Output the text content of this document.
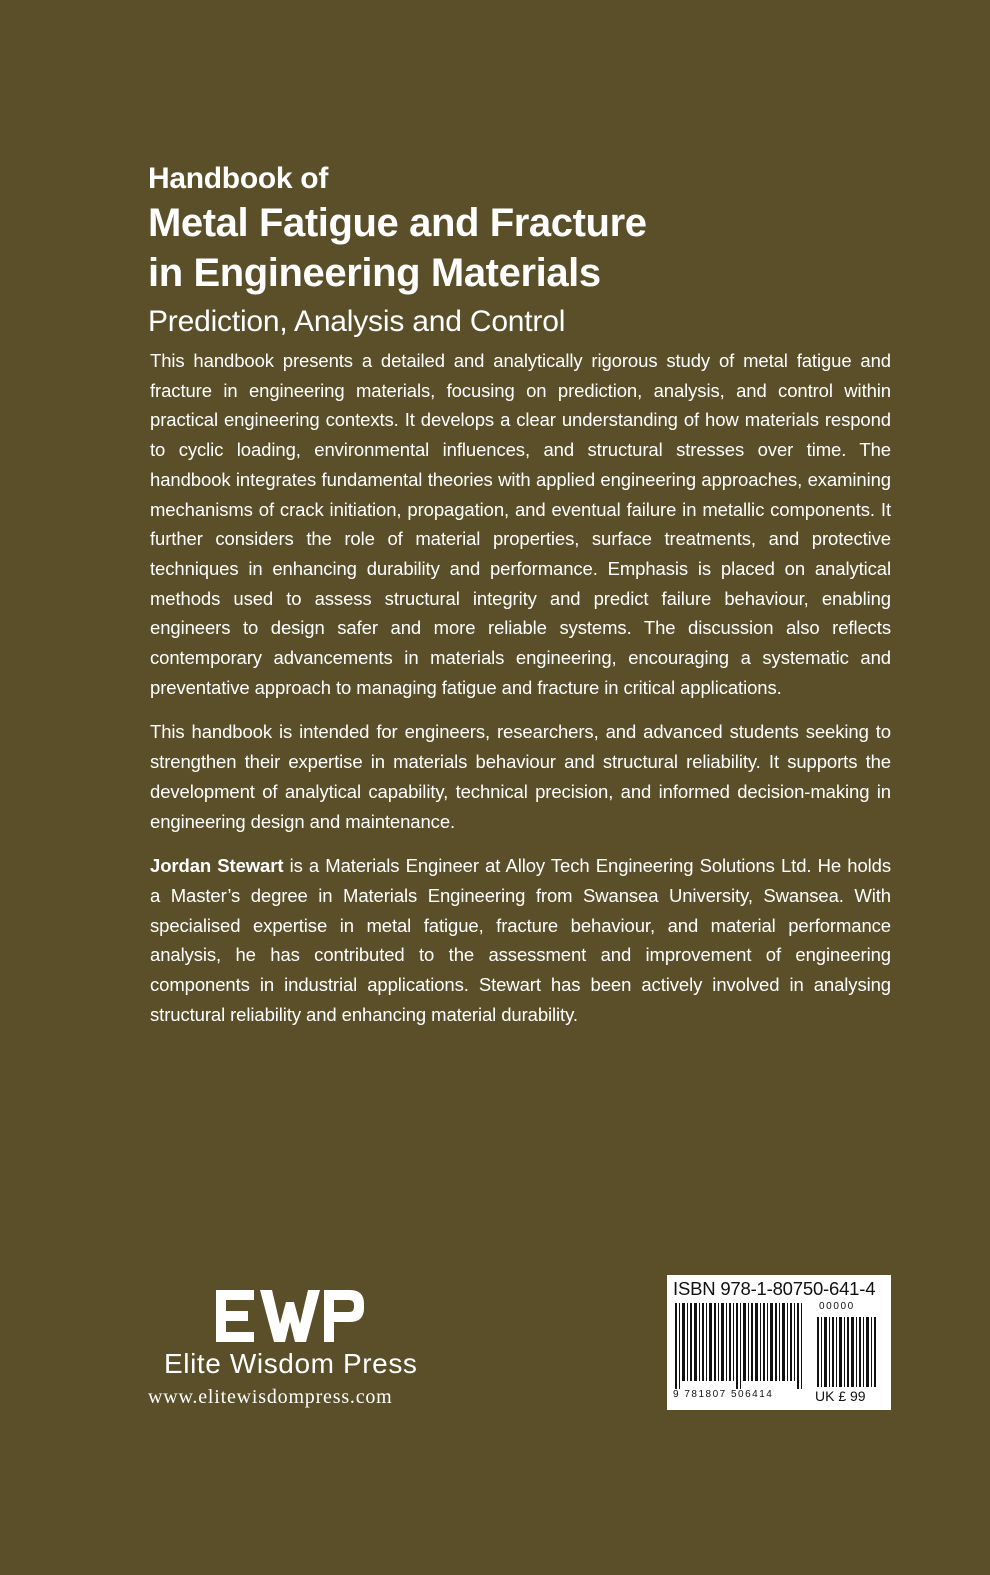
Handbook of
Metal Fatigue and Fracture
in Engineering Materials
Prediction, Analysis and Control

This handbook presents a detailed and analytically rigorous study of metal fatigue and fracture in engineering materials, focusing on prediction, analysis, and control within practical engineering contexts. It develops a clear understanding of how materials respond to cyclic loading, environmental influences, and structural stresses over time. The handbook integrates fundamental theories with applied engineering approaches, examining mechanisms of crack initiation, propagation, and eventual failure in metallic components. It further considers the role of material properties, surface treatments, and protective techniques in enhancing durability and performance. Emphasis is placed on analytical methods used to assess structural integrity and predict failure behaviour, enabling engineers to design safer and more reliable systems. The discussion also reflects contemporary advancements in materials engineering, encouraging a systematic and preventative approach to managing fatigue and fracture in critical applications.

This handbook is intended for engineers, researchers, and advanced students seeking to strengthen their expertise in materials behaviour and structural reliability. It supports the development of analytical capability, technical precision, and informed decision-making in engineering design and maintenance.

Jordan Stewart is a Materials Engineer at Alloy Tech Engineering Solutions Ltd. He holds a Master’s degree in Materials Engineering from Swansea University, Swansea. With specialised expertise in metal fatigue, fracture behaviour, and material performance analysis, he has contributed to the assessment and improvement of engineering components in industrial applications. Stewart has been actively involved in analysing structural reliability and enhancing material durability.

Elite Wisdom Press
www.elitewisdompress.com
ISBN 978-1-80750-641-4
00000
9 781807 506414	UK £ 99
